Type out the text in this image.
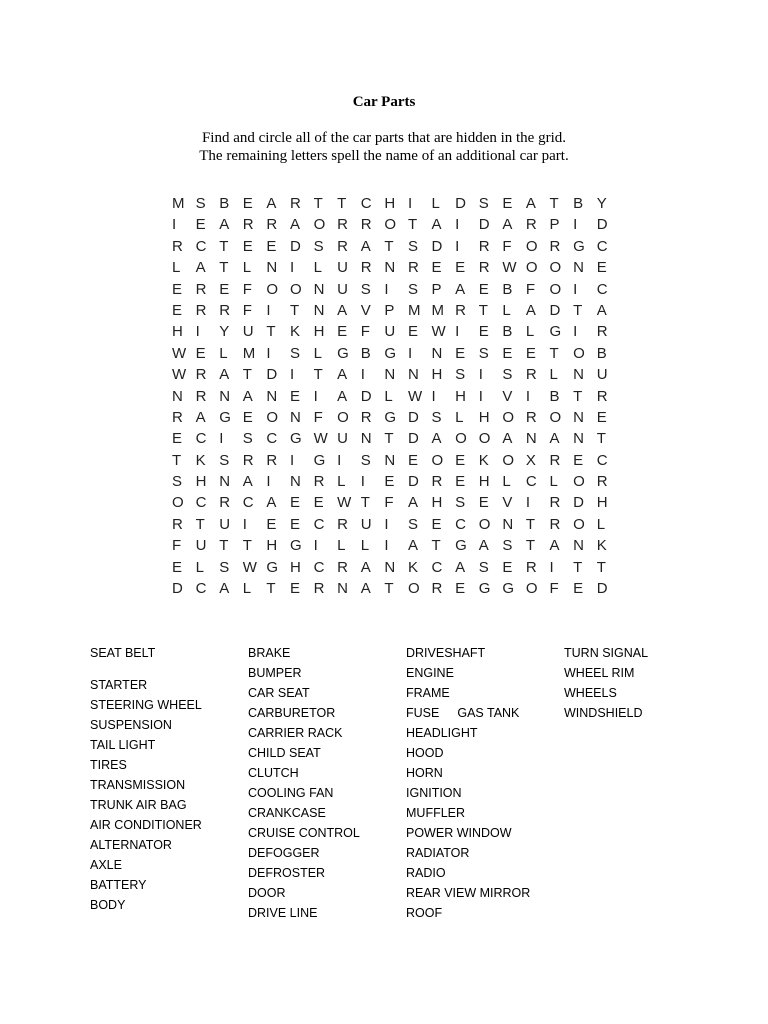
Car Parts
Find and circle all of the car parts that are hidden in the grid.
The remaining letters spell the name of an additional car part.
M S B E A R T T C H I L D S E A T B Y
I E A R R A O R R O T A I D A R P I D
R C T E E D S R A T S D I R F O R G C
L A T L N I L U R N R E E R W O O N E
E R E F O O N U S I S P A E B F O I C
E R R F I T N A V P M M R T L A D T A
H I Y U T K H E F U E W I E B L G I R
W E L M I S L G B G I N E S E E T O B
W R A T D I T A I N N H S I S R L N U
N R N A N E I A D L W I H I V I B T R
R A G E O N F O R G D S L H O R O N E
E C I S C G W U N T D A O O A N A N T
T K S R R I G I S N E O E K O X R E C
S H N A I N R L I E D R E H L C L O R
O C R C A E E W T F A H S E V I R D H
R T U I E E C R U I S E C O N T R O L
F U T T H G I L L I A T G A S T A N K
E L S W G H C R A N K C A S E R I T T
D C A L T E R N A T O R E G G O F E D
SEAT BELT
STARTER
STEERING WHEEL
SUSPENSION
TAIL LIGHT
TIRES
TRANSMISSION
TRUNK AIR BAG
AIR CONDITIONER
ALTERNATOR
AXLE
BATTERY
BODY
BRAKE
BUMPER
CAR SEAT
CARBURETOR
CARRIER RACK
CHILD SEAT
CLUTCH
COOLING FAN
CRANKCASE
CRUISE CONTROL
DEFOGGER
DEFROSTER
DOOR
DRIVE LINE
DRIVESHAFT
ENGINE
FRAME
FUSE GAS TANK
HEADLIGHT
HOOD
HORN
IGNITION
MUFFLER
POWER WINDOW
RADIATOR
RADIO
REAR VIEW MIRROR
ROOF
TURN SIGNAL
WHEEL RIM
WHEELS
WINDSHIELD
